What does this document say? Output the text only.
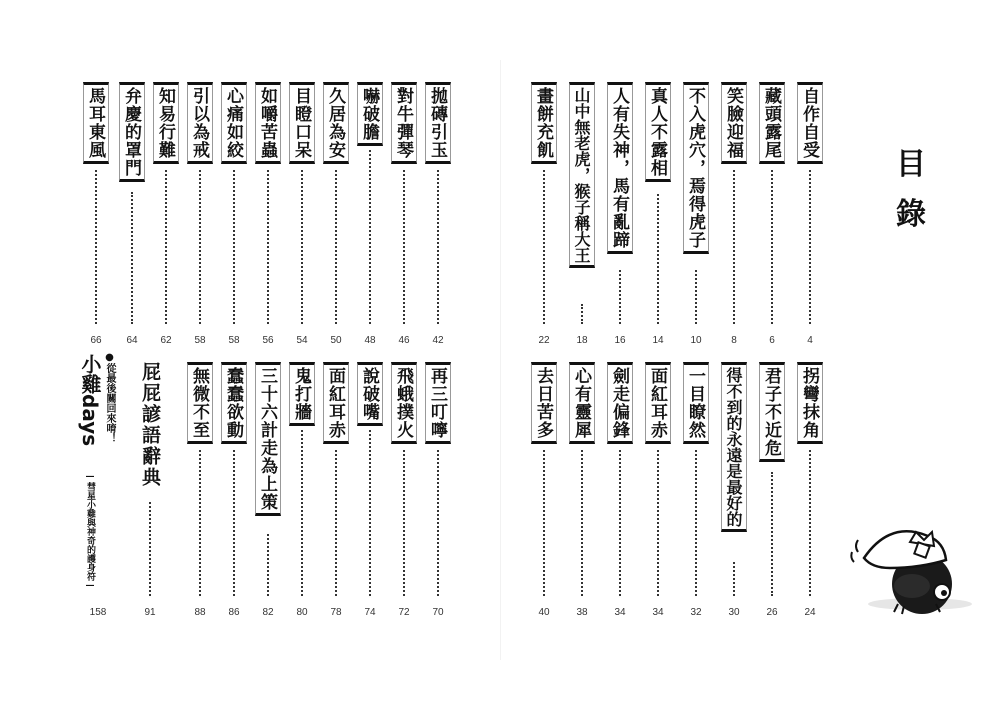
目
錄
自作自受
4
藏頭露尾
6
笑臉迎福
8
不入虎穴，焉得虎子
10
真人不露相
14
人有失神，馬有亂蹄
16
山中無老虎，猴子稱大王
18
畫餅充飢
22
拐彎抹角
24
君子不近危
26
得不到的永遠是最好的
30
一目瞭然
32
面紅耳赤
34
劍走偏鋒
34
心有靈犀
38
去日苦多
40
拋磚引玉
42
對牛彈琴
46
嚇破膽
48
久居為安
50
目瞪口呆
54
如嚼苦蟲
56
心痛如絞
58
引以為戒
58
知易行難
62
弁慶的罩門
64
馬耳東風
66
再三叮嚀
70
飛蛾撲火
72
說破嘴
74
面紅耳赤
78
鬼打牆
80
三十六計走為上策
82
蠢蠢欲動
86
無微不至
88
屁屁諺語辭典
91
●從最後關回來唷！
小雞days
—彗星小雞與神奇的護身符—
158
